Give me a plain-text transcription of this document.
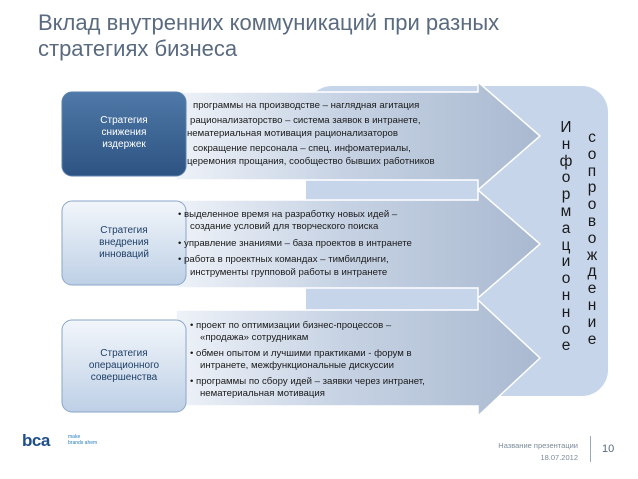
Вклад внутренних коммуникаций при разных стратегиях бизнеса
Стратегия
снижения
издержек
Стратегия
внедрения
инноваций
Стратегия
операционного
совершенства
программы на производстве – наглядная агитация
рационализаторство – система заявок в интранете,
нематериальная мотивация рационализаторов
сокращение персонала – спец. инфоматериалы,
церемония прощания, сообщество бывших работников
• выделенное время на разработку новых идей –
создание условий для творческого поиска
• управление знаниями – база проектов в интранете
• работа в проектных командах – тимбилдинги,
инструменты групповой работы в интранете
• проект по оптимизации бизнес-процессов –
«продажа» сотрудникам
• обмен опытом и лучшими практиками - форум в
интранете, межфункциональные дискуссии
• программы по сбору идей – заявки через интранет,
нематериальная мотивация
И
н
ф
о
р
м
а
ц
и
о
н
н
о
е
с
о
п
р
о
в
о
ж
д
е
н
и
е
bca	make
brands ahem	Название презентации
18.07.2012
10
